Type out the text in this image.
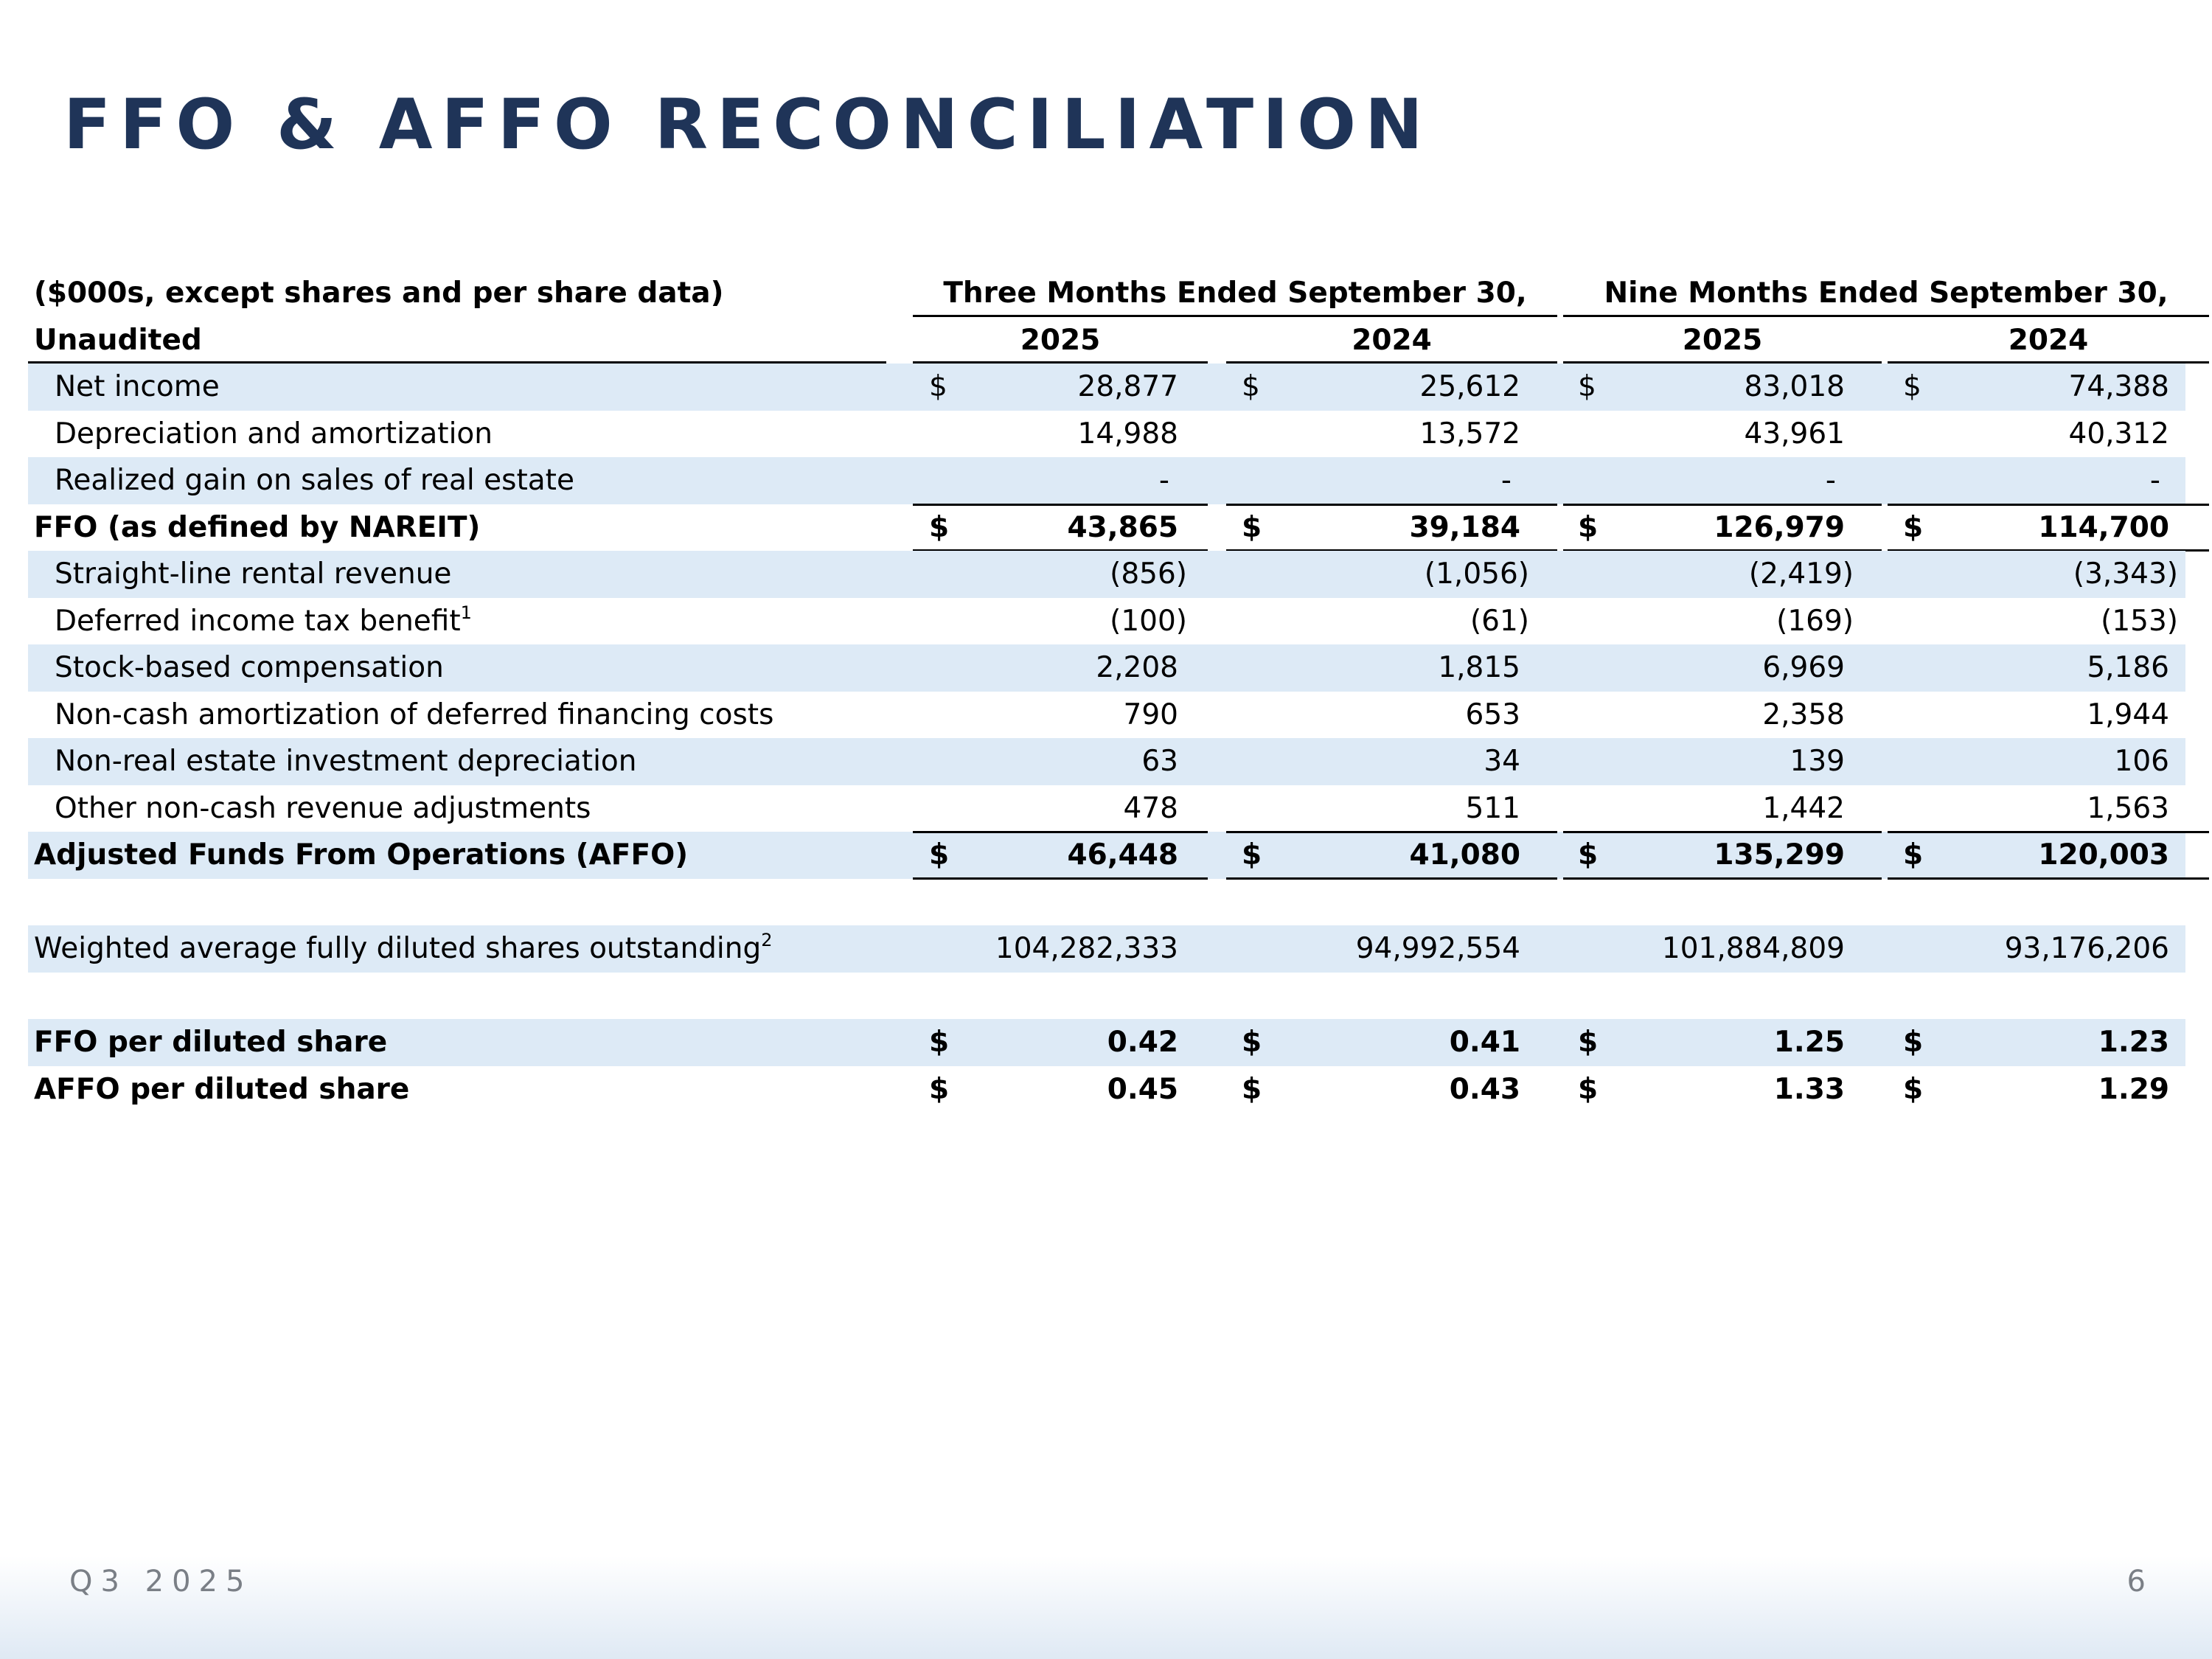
FFO & AFFO RECONCILIATION
($000s, except shares and per share data)	Three Months Ended September 30,	Nine Months Ended September 30,
Unaudited	2025	2024	2025	2024
Net income	$	28,877 $	25,612 $	83,018 $	74,388
Depreciation and amortization	14,988	13,572	43,961	40,312
Realized gain on sales of real estate	-	-	-	-
FFO (as defined by NAREIT)	$	43,865 $	39,184 $	126,979 $	114,700
Straight-line rental revenue	(856)	(1,056)	(2,419)	(3,343)
Deferred income tax benefit$^1$	(100)	(61)	(169)	(153)
Stock-based compensation	2,208	1,815	6,969	5,186
Non-cash amortization of deferred financing costs	790	653	2,358	1,944
Non-real estate investment depreciation	63	34	139	106
Other non-cash revenue adjustments	478	511	1,442	1,563
Adjusted Funds From Operations (AFFO)	$	46,448 $	41,080 $	135,299 $	120,003
Weighted average fully diluted shares outstanding$^2$	104,282,333	94,992,554	101,884,809	93,176,206
FFO per diluted share	$	0.42 $	0.41 $	1.25 $	1.23
AFFO per diluted share	$	0.45 $	0.43 $	1.33 $	1.29
Q3 2025	6
